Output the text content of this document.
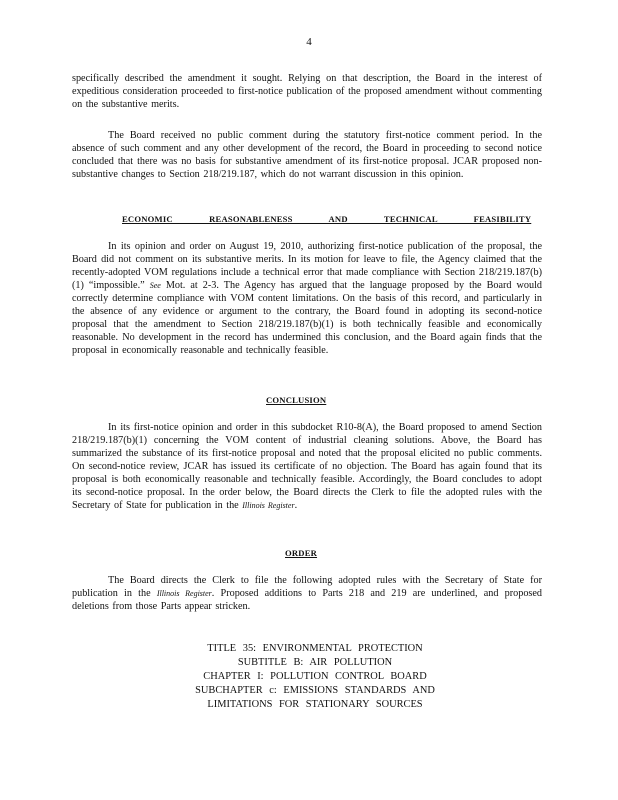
4
specifically described the amendment it sought. Relying on that description, the Board in the interest of expeditious consideration proceeded to first-notice publication of the proposed amendment without commenting on the substantive merits.
The Board received no public comment during the statutory first-notice comment period. In the absence of such comment and any other development of the record, the Board in proceeding to second notice concluded that there was no basis for substantive amendment of its first-notice proposal. JCAR proposed non-substantive changes to Section 218/219.187, which do not warrant discussion in this opinion.
ECONOMIC REASONABLENESS AND TECHNICAL FEASIBILITY
In its opinion and order on August 19, 2010, authorizing first-notice publication of the proposal, the Board did not comment on its substantive merits. In its motion for leave to file, the Agency claimed that the recently-adopted VOM regulations include a technical error that made compliance with Section 218/219.187(b)(1) “impossible.” See Mot. at 2-3. The Agency has argued that the language proposed by the Board would correctly determine compliance with VOM content limitations. On the basis of this record, and particularly in the absence of any evidence or argument to the contrary, the Board found in adopting its second-notice proposal that the amendment to Section 218/219.187(b)(1) is both technically feasible and economically reasonable. No development in the record has undermined this conclusion, and the Board again finds that the proposal in economically reasonable and technically feasible.
CONCLUSION
In its first-notice opinion and order in this subdocket R10-8(A), the Board proposed to amend Section 218/219.187(b)(1) concerning the VOM content of industrial cleaning solutions. Above, the Board has summarized the substance of its first-notice proposal and noted that the proposal elicited no public comments. On second-notice review, JCAR has issued its certificate of no objection. The Board has again found that its proposal is both economically reasonable and technically feasible. Accordingly, the Board concludes to adopt its second-notice proposal. In the order below, the Board directs the Clerk to file the adopted rules with the Secretary of State for publication in the Illinois Register.
ORDER
The Board directs the Clerk to file the following adopted rules with the Secretary of State for publication in the Illinois Register. Proposed additions to Parts 218 and 219 are underlined, and proposed deletions from those Parts appear stricken.
TITLE 35: ENVIRONMENTAL PROTECTION
SUBTITLE B: AIR POLLUTION
CHAPTER I: POLLUTION CONTROL BOARD
SUBCHAPTER c: EMISSIONS STANDARDS AND
LIMITATIONS FOR STATIONARY SOURCES
